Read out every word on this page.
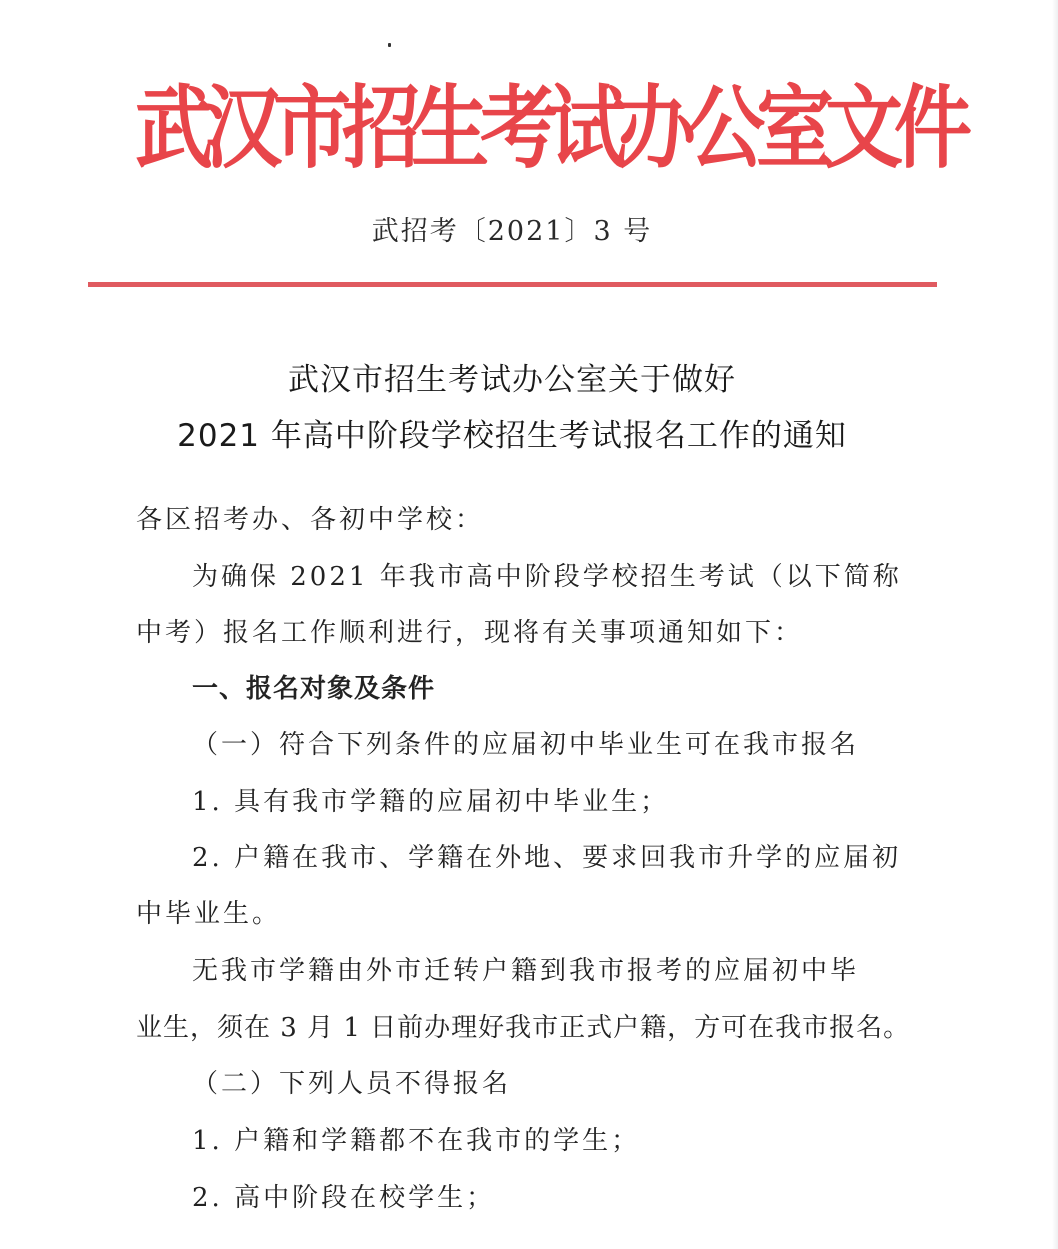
武
汉
市
招
生
考
试
办
公
室
文
件
武招考〔2021〕3 号
武汉市招生考试办公室关于做好
2021 年高中阶段学校招生考试报名工作的通知
各区招考办、各初中学校：
为确保 2021 年我市高中阶段学校招生考试（以下简称
中考）报名工作顺利进行，现将有关事项通知如下：
一、报名对象及条件
（一）符合下列条件的应届初中毕业生可在我市报名
1. 具有我市学籍的应届初中毕业生；
2. 户籍在我市、学籍在外地、要求回我市升学的应届初
中毕业生。
无我市学籍由外市迁转户籍到我市报考的应届初中毕
业生，须在 3 月 1 日前办理好我市正式户籍，方可在我市报名。
（二）下列人员不得报名
1. 户籍和学籍都不在我市的学生；
2. 高中阶段在校学生；
